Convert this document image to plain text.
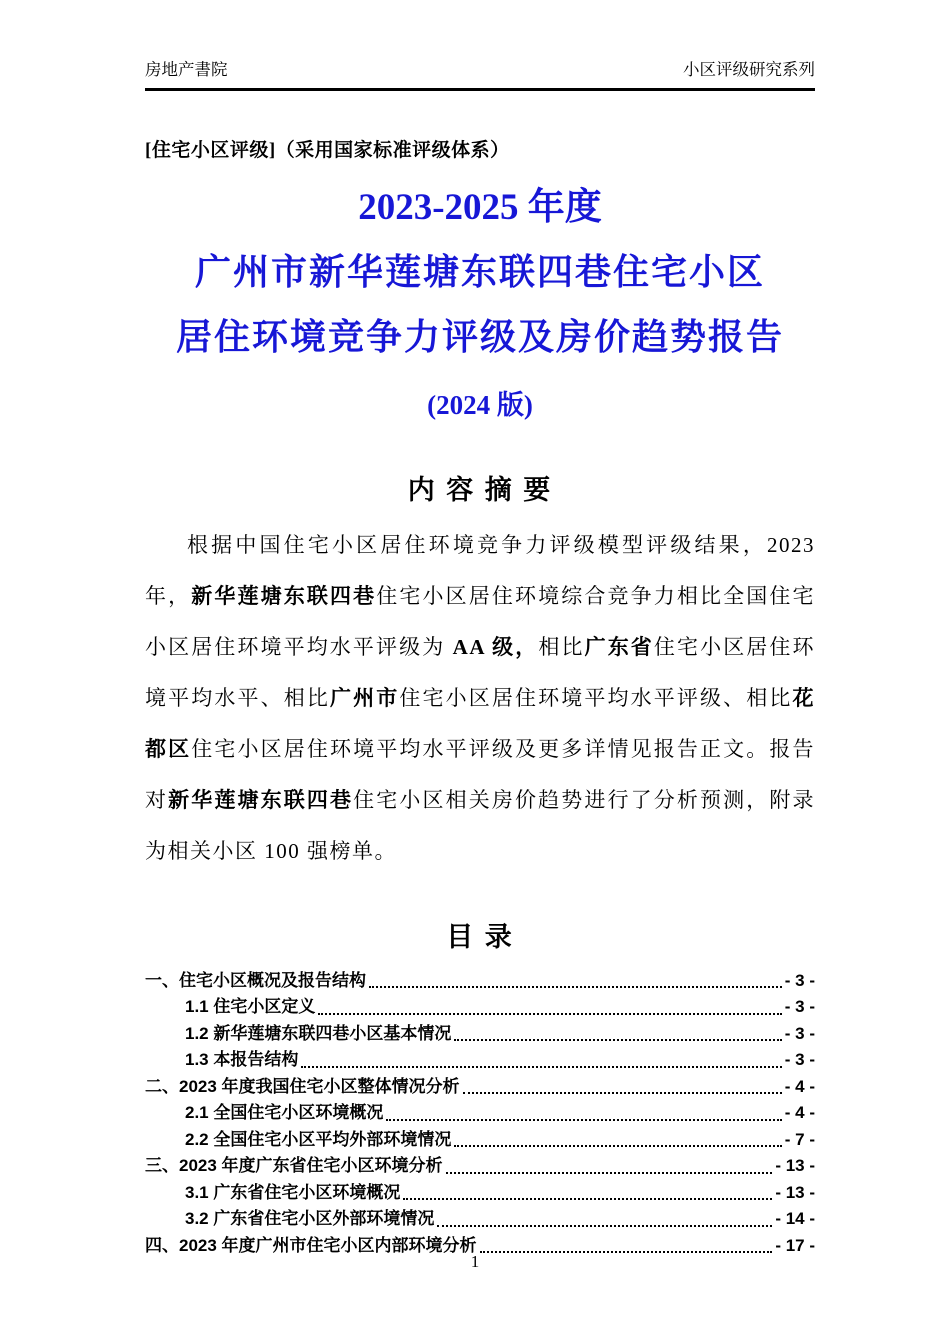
房地产書院	小区评级研究系列
[住宅小区评级]（采用国家标准评级体系）
2023-2025 年度
广州市新华莲塘东联四巷住宅小区
居住环境竞争力评级及房价趋势报告
(2024 版)
内 容 摘 要

根据中国住宅小区居住环境竞争力评级模型评级结果，2023 年，新华莲塘东联四巷住宅小区居住环境综合竞争力相比全国住宅小区居住环境平均水平评级为 AA 级，相比广东省住宅小区居住环境平均水平、相比广州市住宅小区居住环境平均水平评级、相比花都区住宅小区居住环境平均水平评级及更多详情见报告正文。报告对新华莲塘东联四巷住宅小区相关房价趋势进行了分析预测，附录为相关小区 100 强榜单。

目 录
一、住宅小区概况及报告结构	- 3 -
1.1 住宅小区定义	- 3 -
1.2 新华莲塘东联四巷小区基本情况	- 3 -
1.3 本报告结构	- 3 -
二、2023 年度我国住宅小区整体情况分析	- 4 -
2.1 全国住宅小区环境概况	- 4 -
2.2 全国住宅小区平均外部环境情况	- 7 -
三、2023 年度广东省住宅小区环境分析	- 13 -
3.1 广东省住宅小区环境概况	- 13 -
3.2 广东省住宅小区外部环境情况	- 14 -
四、2023 年度广州市住宅小区内部环境分析	- 17 -
1
